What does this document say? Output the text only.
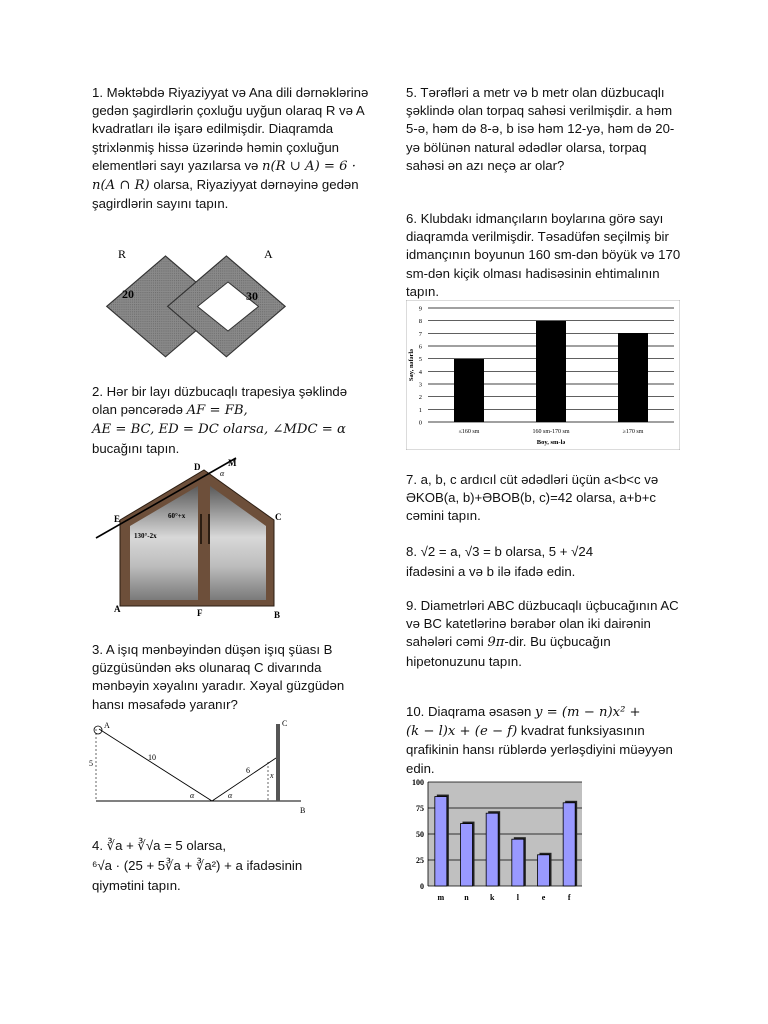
1. Məktəbdə Riyaziyyat və Ana dili dərnəklərinə gedən şagirdlərin çoxluğu uyğun olaraq R və A kvadratları ilə işarə edilmişdir. Diaqramda ştrixlənmiş hissə üzərində həmin çoxluğun elementləri sayı yazılarsa və n(R ∪ A) = 6 · n(A ∩ R) olarsa, Riyaziyyat dərnəyinə gedən şagirdlərin sayını tapın.

R	A
20	30

2. Hər bir layı düzbucaqlı trapesiya şəklində olan pəncərədə AF = FB,
AE = BC, ED = DC olarsa, ∠MDC = α
bucağını tapın.

D	M
α
E	C
60°+x
130°-2x
A	F	B

3. A işıq mənbəyindən düşən işıq şüası B güzgüsündən əks olunaraq C divarında mənbəyin xəyalını yaradır. Xəyal güzgüdən hansı məsafədə yaranır?

A	C
10
5
6
x
α	α
B

4. ∛a + ∛√a = 5 olarsa,
⁶√a · (25 + 5∛a + ∛a²) + a ifadəsinin
qiymətini tapın.

5. Tərəfləri a metr və b metr olan düzbucaqlı şəklində olan torpaq sahəsi verilmişdir. a həm 5-ə, həm də 8-ə, b isə həm 12-yə, həm də 20-yə bölünən natural ədədlər olarsa, torpaq sahəsi ən azı neçə ar olar?

6. Klubdakı idmançıların boylarına görə sayı diaqramda verilmişdir. Təsadüfən seçilmiş bir idmançının boyunun 160 sm-dən böyük və 170 sm-dən kiçik olması hadisəsinin ehtimalının tapın.

0
1
2
3
4
5
6
7
8
9
≤160 sm	160 sm-170 sm	≥170 sm
Boy, sm-lə
Say, nəfərlə

7. a, b, c ardıcıl cüt ədədləri üçün a<b<c və ƏKOB(a, b)+ƏBOB(b, c)=42 olarsa, a+b+c cəmini tapın.

8. √2 = a, √3 = b olarsa, 5 + √24
ifadəsini a və b ilə ifadə edin.

9. Diametrləri ABC düzbucaqlı üçbucağının AC və BC katetlərinə bərabər olan iki dairənin sahələri cəmi 9π-dir. Bu üçbucağın hipetonuzunu tapın.

10. Diaqrama əsasən y = (m − n)x² +
(k − l)x + (e − f) kvadrat funksiyasının qrafikinin hansı rüblərdə yerləşdiyini müəyyən edin.

0
25
50
75
100
m	n	k	l	e	f
